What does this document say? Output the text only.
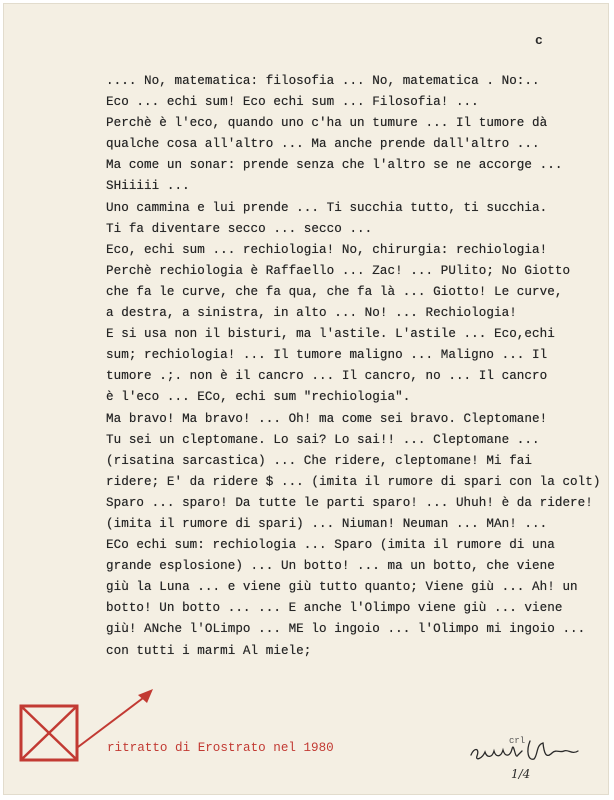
c
.... No, matematica: filosofia ... No, matematica . No:..
Eco ... echi sum! Eco echi sum ... Filosofia! ...
Perchè è l'eco, quando uno c'ha un tumure ... Il tumore dà
qualche cosa all'altro ... Ma anche prende dall'altro ...
Ma come un sonar: prende senza che l'altro se ne accorge ...
SHiiiii ...
Uno cammina e lui prende ... Ti succhia tutto, ti succhia.
Ti fa diventare secco ... secco ...
Eco, echi sum ... rechiologia! No, chirurgia: rechiologia!
Perchè rechiologia è Raffaello ... Zac! ... PUlito; No Giotto
che fa le curve, che fa qua, che fa là ... Giotto! Le curve,
a destra, a sinistra, in alto ... No! ... Rechiologia!
E si usa non il bisturi, ma l'astile. L'astile ... Eco,echi
sum; rechiologia! ... Il tumore maligno ... Maligno ... Il
tumore .;. non è il cancro ... Il cancro, no ... Il cancro
è l'eco ... ECo, echi sum "rechiologia".
Ma bravo! Ma bravo! ... Oh! ma come sei bravo. Cleptomane!
Tu sei un cleptomane. Lo sai? Lo sai!! ... Cleptomane ...
(risatina sarcastica) ... Che ridere, cleptomane! Mi fai
ridere; E' da ridere $ ... (imita il rumore di spari con la colt)
Sparo ... sparo! Da tutte le parti sparo! ... Uhuh! è da ridere!
(imita il rumore di spari) ... Niuman! Neuman ... MAn! ...
ECo echi sum: rechiologia ... Sparo (imita il rumore di una
grande esplosione) ... Un botto! ... ma un botto, che viene
giù la Luna ... e viene giù tutto quanto; Viene giù ... Ah! un
botto! Un botto ... ... E anche l'Olimpo viene giù ... viene
giù! ANche l'OLimpo ... ME lo ingoio ... l'Olimpo mi ingoio ...
con tutti i marmi Al miele;
ritratto di Erostrato nel 1980	crl
1/4
